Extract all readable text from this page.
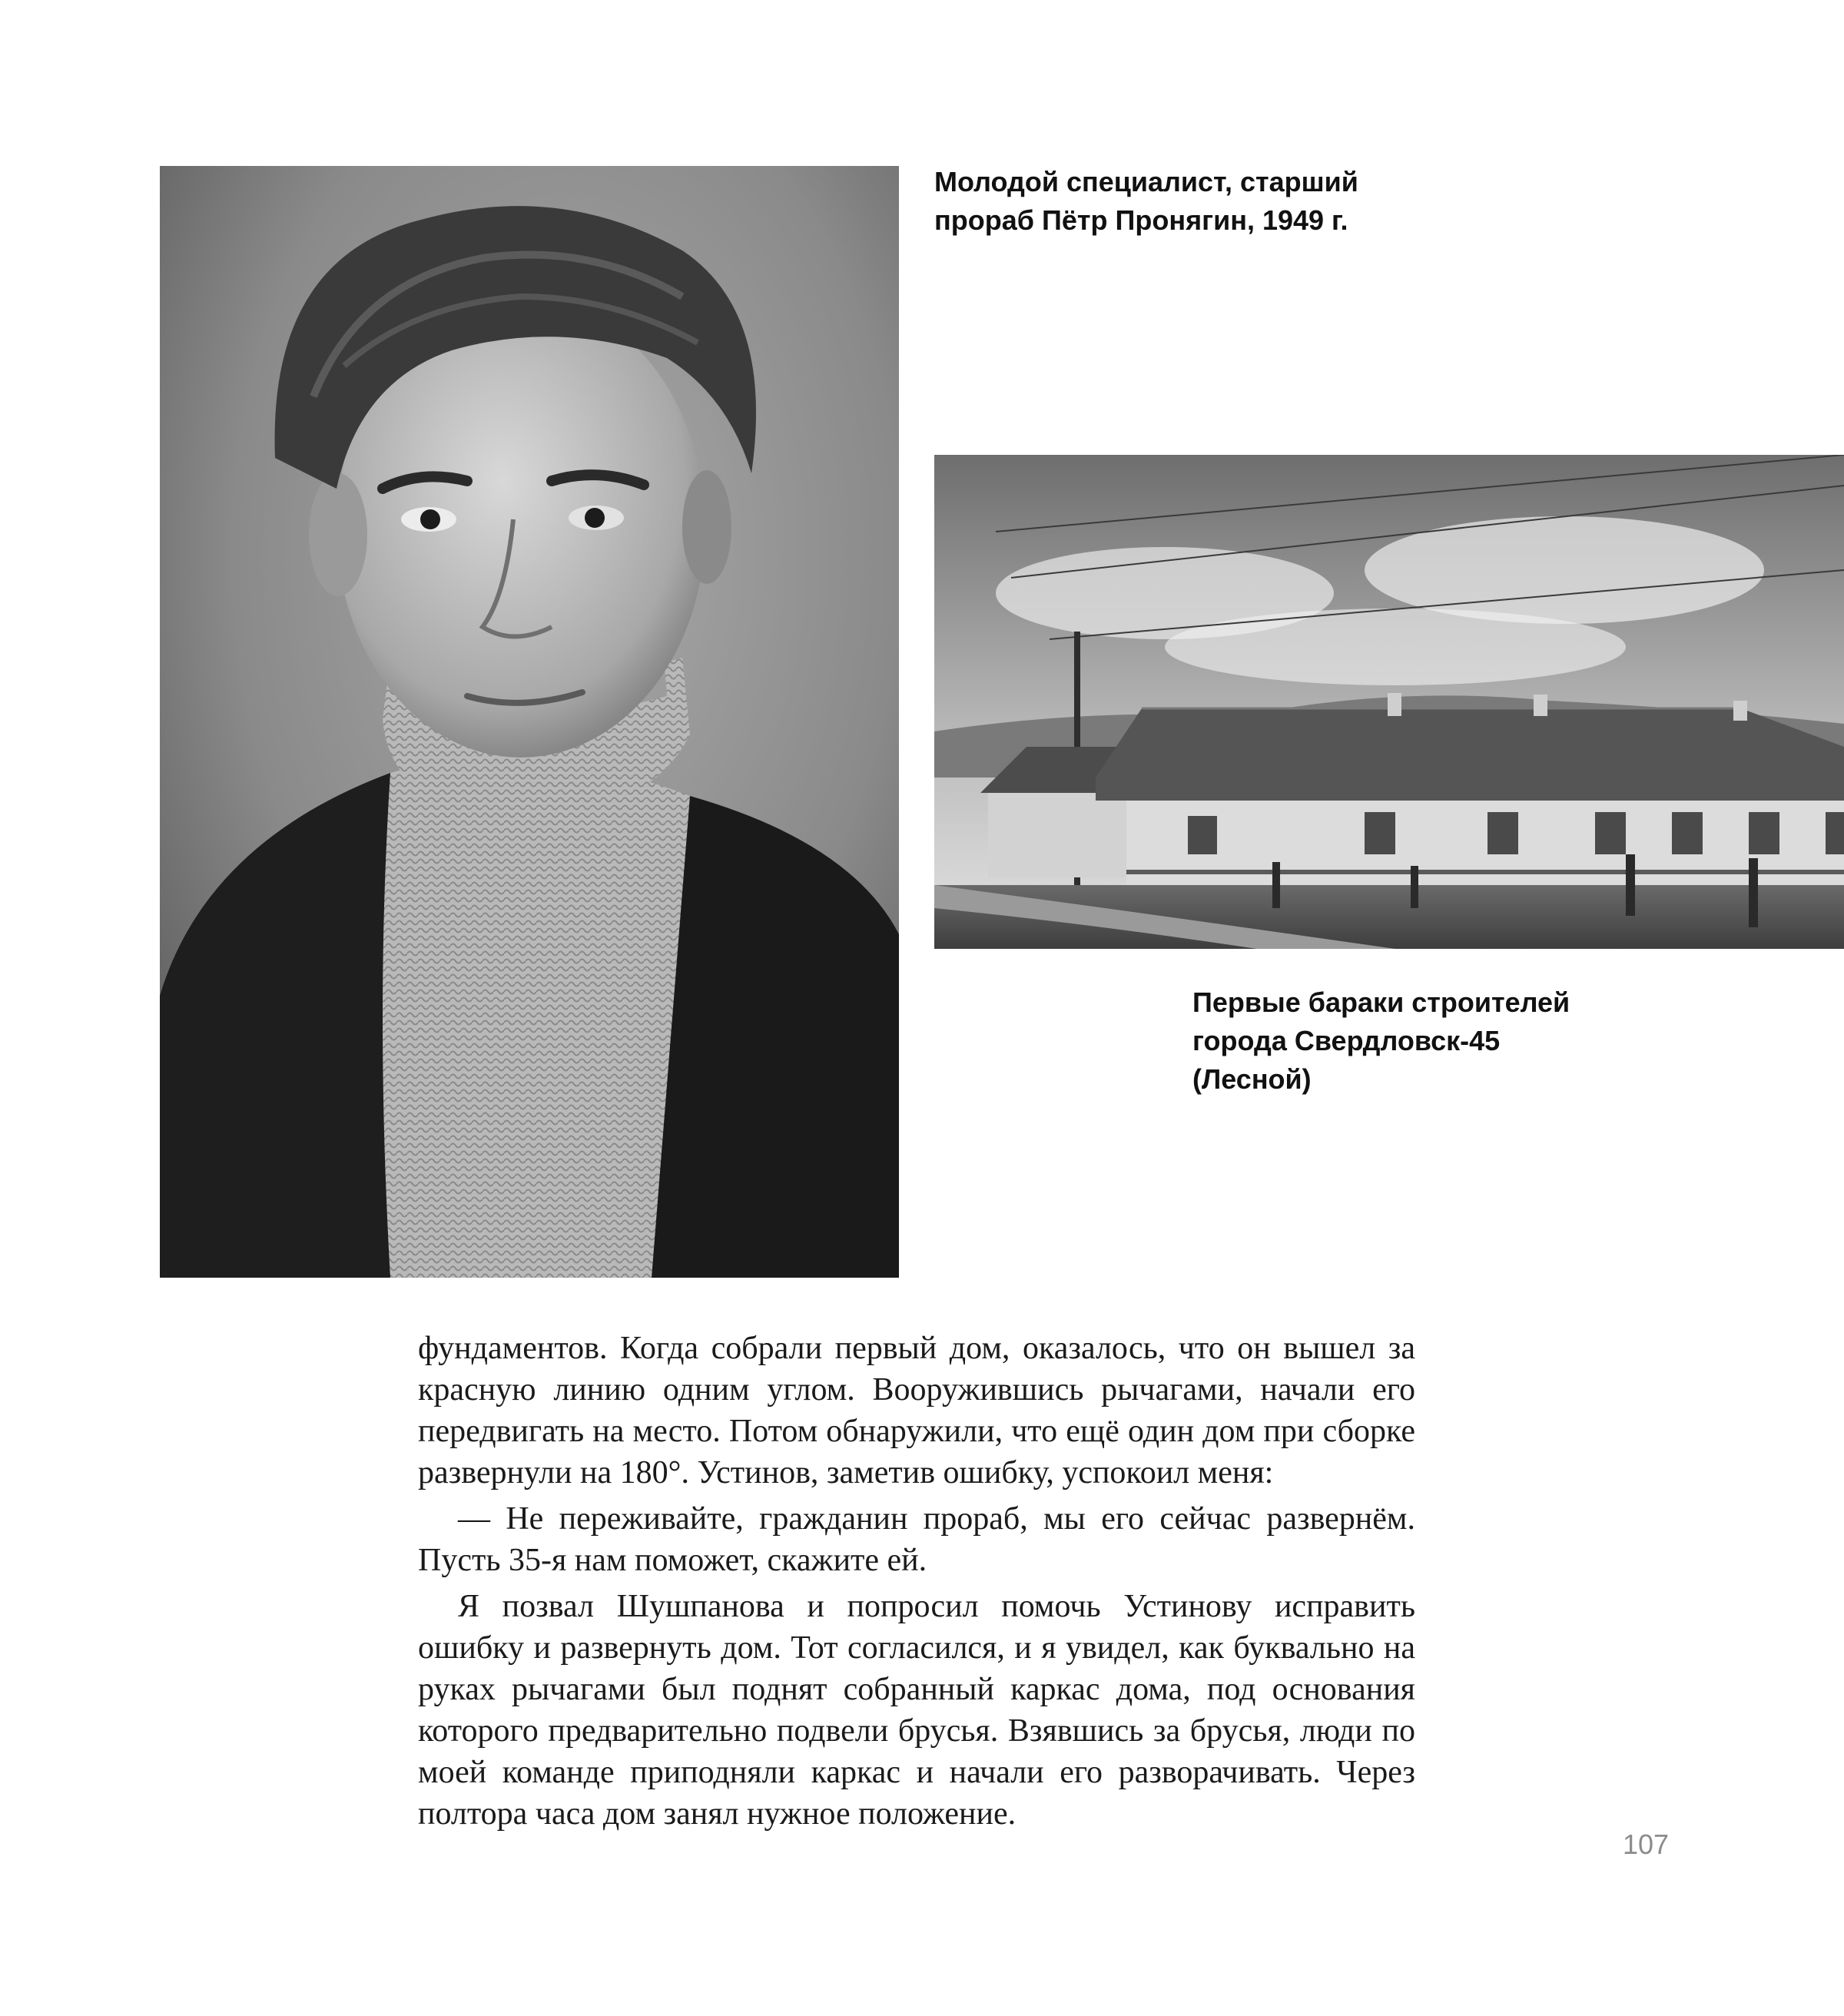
Молодой специалист, старший
прораб Пётр Пронягин, 1949 г.
Первые бараки строителей
города Свердловск-45
(Лесной)

фундаментов. Когда собрали первый дом, оказалось, что он вышел за красную линию одним углом. Вооружившись рычагами, начали его передвигать на место. Потом обнаружили, что ещё один дом при сборке развернули на 180°. Устинов, заметив ошибку, успокоил меня:

— Не переживайте, гражданин прораб, мы его сейчас развернём. Пусть 35-я нам поможет, скажите ей.

Я позвал Шушпанова и попросил помочь Устинову исправить ошибку и развернуть дом. Тот согласился, и я увидел, как буквально на руках рычагами был поднят собранный каркас дома, под основания которого предварительно подвели брусья. Взявшись за брусья, люди по моей команде приподняли каркас и начали его разворачивать. Через полтора часа дом занял нужное положение.

107
